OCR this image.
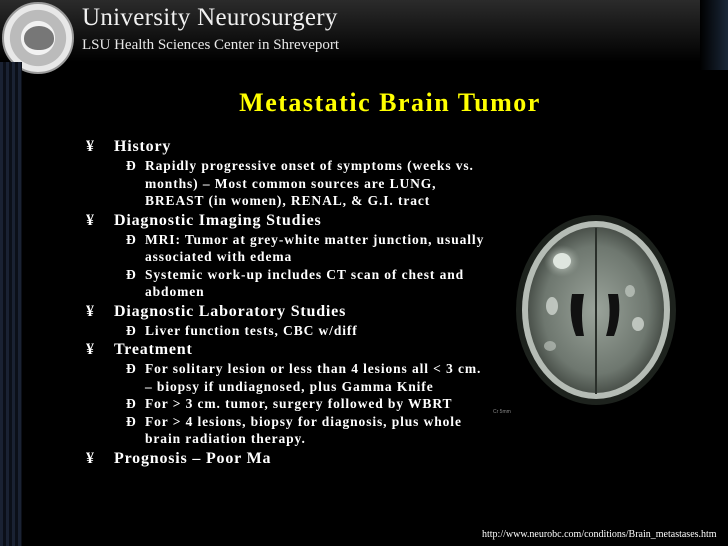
University Neurosurgery
LSU Health Sciences Center in Shreveport
Metastatic Brain Tumor
¥ History
Ð Rapidly progressive onset of symptoms (weeks vs. months) – Most common sources are LUNG, BREAST (in women), RENAL, & G.I. tract
¥ Diagnostic Imaging Studies
Ð MRI: Tumor at grey-white matter junction, usually associated with edema
Ð Systemic work-up includes CT scan of chest and abdomen
¥ Diagnostic Laboratory Studies
Ð Liver function tests, CBC w/diff
¥ Treatment
Ð For solitary lesion or less than 4 lesions all < 3 cm. – biopsy if undiagnosed, plus Gamma Knife
Ð For > 3 cm. tumor, surgery followed by WBRT
Ð For > 4 lesions, biopsy for diagnosis, plus whole brain radiation therapy.
¥ Prognosis – Poor Ma
Cr 5mm
http://www.neurobc.com/conditions/Brain_metastases.htm
